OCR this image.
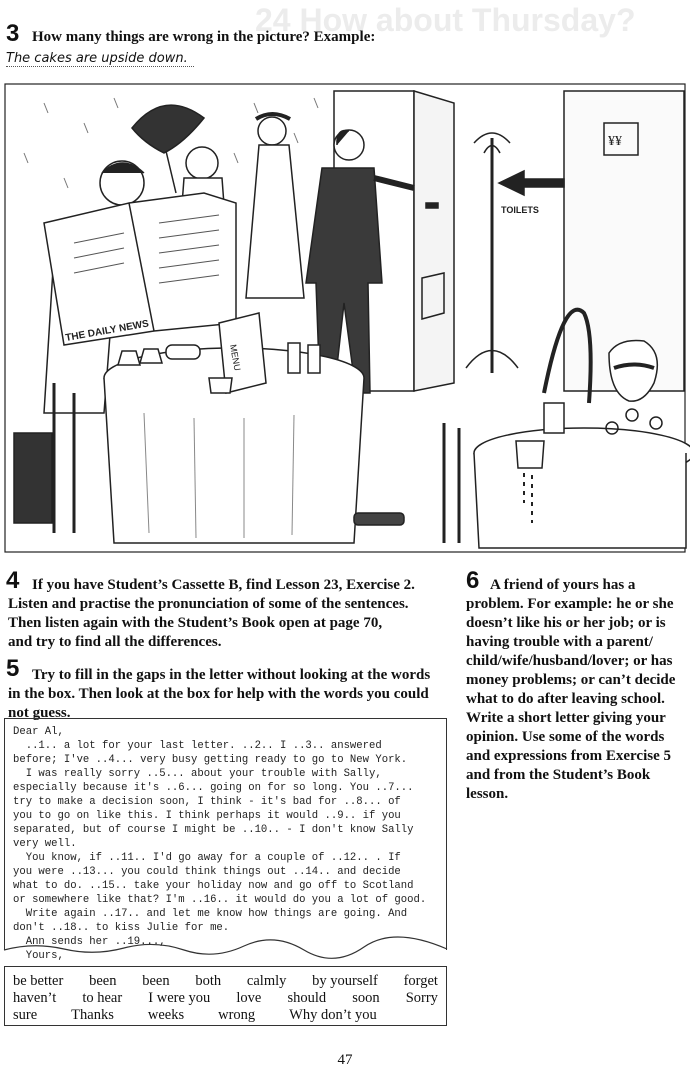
24 How about Thursday?
3 How many things are wrong in the picture? Example:
The cakes are upside down.
¥¥
TOILETS
THE DAILY NEWS
MENU
4 If you have Student’s Cassette B, find Lesson 23, Exercise 2.
Listen and practise the pronunciation of some of the sentences.
Then listen again with the Student’s Book open at page 70,
and try to find all the differences.
5 Try to fill in the gaps in the letter without looking at the words
in the box. Then look at the box for help with the words you could
not guess.
Dear Al,
..1.. a lot for your last letter. ..2.. I ..3.. answered
before; I've ..4... very busy getting ready to go to New York.
I was really sorry ..5... about your trouble with Sally,
especially because it's ..6... going on for so long. You ..7...
try to make a decision soon, I think - it's bad for ..8... of
you to go on like this. I think perhaps it would ..9.. if you
separated, but of course I might be ..10.. - I don't know Sally
very well.
You know, if ..11.. I'd go away for a couple of ..12.. . If
you were ..13... you could think things out ..14.. and decide
what to do. ..15.. take your holiday now and go off to Scotland
or somewhere like that? I'm ..16.. it would do you a lot of good.
Write again ..17.. and let me know how things are going. And
don't ..18.. to kiss Julie for me.
Ann sends her ..19...,
Yours,
be better been been both calmly by yourself forget
haven’t to hear I were you love should soon Sorry
sure Thanks weeks wrong Why don’t you
6 A friend of yours has a
problem. For example: he or she
doesn’t like his or her job; or is
having trouble with a parent/
child/wife/husband/lover; or has
money problems; or can’t decide
what to do after leaving school.
Write a short letter giving your
opinion. Use some of the words
and expressions from Exercise 5
and from the Student’s Book
lesson.
47
